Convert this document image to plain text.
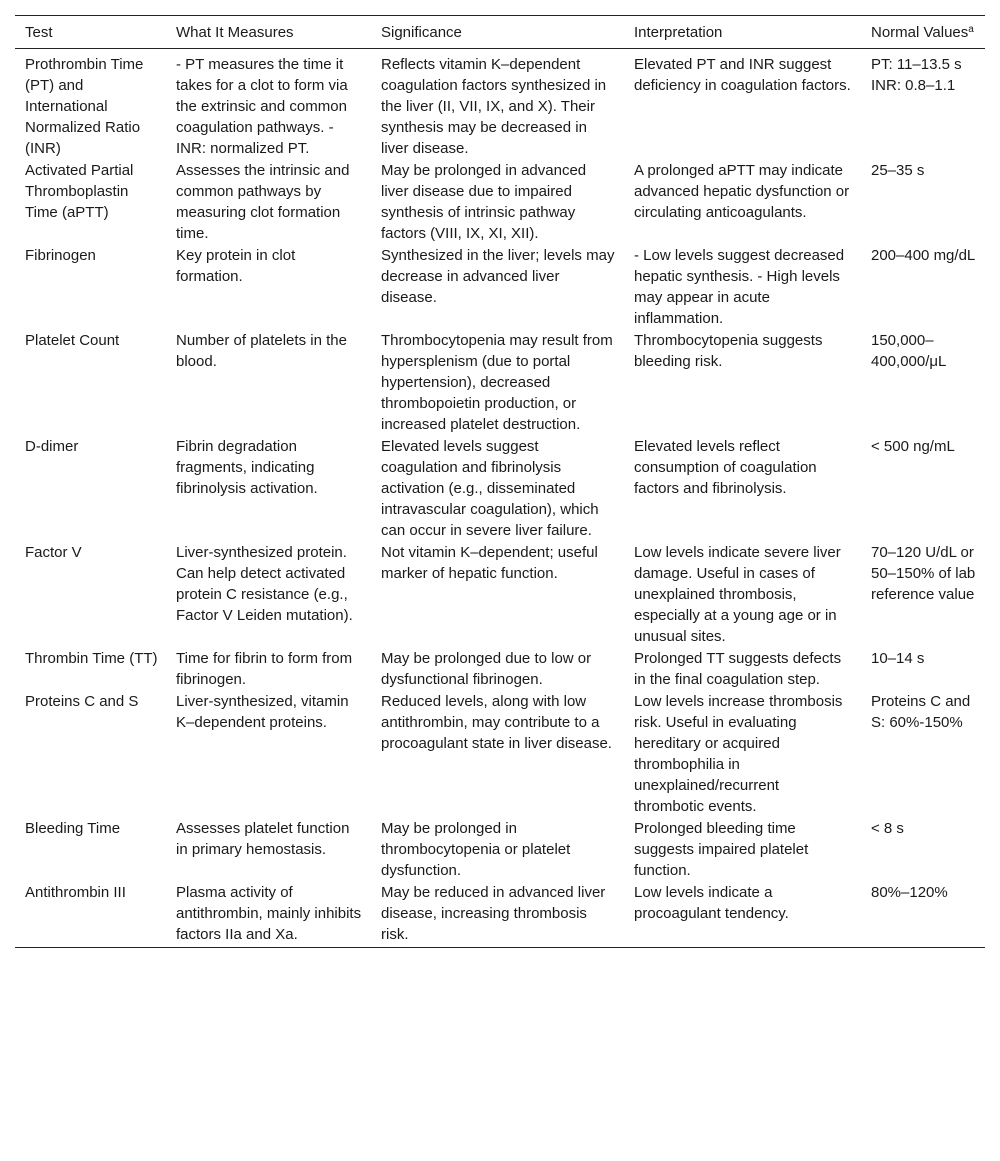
Test	What It Measures	Significance	Interpretation	Normal Values$^a$
Prothrombin Time (PT) and International Normalized Ratio (INR)	- PT measures the time it takes for a clot to form via the extrinsic and common coagulation pathways. - INR: normalized PT.	Reflects vitamin K–dependent coagulation factors synthesized in the liver (II, VII, IX, and X). Their synthesis may be decreased in liver disease.	Elevated PT and INR suggest deficiency in coagulation factors.	PT: 11–13.5 s INR: 0.8–1.1
Activated Partial Thromboplastin Time (aPTT)	Assesses the intrinsic and common pathways by measuring clot formation time.	May be prolonged in advanced liver disease due to impaired synthesis of intrinsic pathway factors (VIII, IX, XI, XII).	A prolonged aPTT may indicate advanced hepatic dysfunction or circulating anticoagulants.	25–35 s
Fibrinogen	Key protein in clot formation.	Synthesized in the liver; levels may decrease in advanced liver disease.	- Low levels suggest decreased hepatic synthesis. - High levels may appear in acute inflammation.	200–400 mg/dL
Platelet Count	Number of platelets in the blood.	Thrombocytopenia may result from hypersplenism (due to portal hypertension), decreased thrombopoietin production, or increased platelet destruction.	Thrombocytopenia suggests bleeding risk.	150,000–400,000/μL
D-dimer	Fibrin degradation fragments, indicating fibrinolysis activation.	Elevated levels suggest coagulation and fibrinolysis activation (e.g., disseminated intravascular coagulation), which can occur in severe liver failure.	Elevated levels reflect consumption of coagulation factors and fibrinolysis.	< 500 ng/mL
Factor V	Liver-synthesized protein. Can help detect activated protein C resistance (e.g., Factor V Leiden mutation).	Not vitamin K–dependent; useful marker of hepatic function.	Low levels indicate severe liver damage. Useful in cases of unexplained thrombosis, especially at a young age or in unusual sites.	70–120 U/dL or 50–150% of lab reference value
Thrombin Time (TT)	Time for fibrin to form from fibrinogen.	May be prolonged due to low or dysfunctional fibrinogen.	Prolonged TT suggests defects in the final coagulation step.	10–14 s
Proteins C and S	Liver-synthesized, vitamin K–dependent proteins.	Reduced levels, along with low antithrombin, may contribute to a procoagulant state in liver disease.	Low levels increase thrombosis risk. Useful in evaluating hereditary or acquired thrombophilia in unexplained/recurrent thrombotic events.	Proteins C and S: 60%-150%
Bleeding Time	Assesses platelet function in primary hemostasis.	May be prolonged in thrombocytopenia or platelet dysfunction.	Prolonged bleeding time suggests impaired platelet function.	< 8 s
Antithrombin III	Plasma activity of antithrombin, mainly inhibits factors IIa and Xa.	May be reduced in advanced liver disease, increasing thrombosis risk.	Low levels indicate a procoagulant tendency.	80%–120%
